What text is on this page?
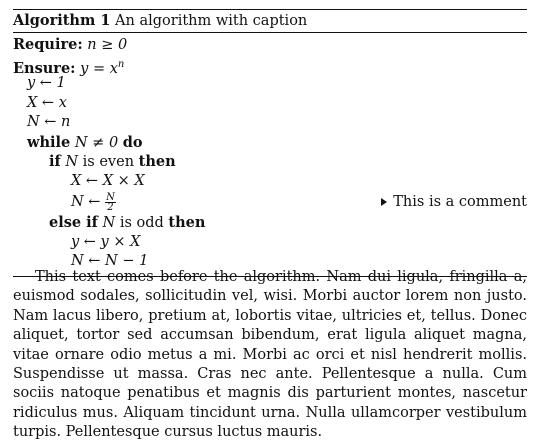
Algorithm 1 An algorithm with caption
Require: n ≥ 0
Ensure: $y = x^n$
y ← 1
X ← x
N ← n
while N ≠ 0 do
if N is even then
X ← X × X
N ← $\frac{N}{2}$	This is a comment
else if N is odd then
y ← y × X
N ← N − 1

This text comes before the algorithm. Nam dui ligula, fringilla a, euismod sodales, sollicitudin vel, wisi. Morbi auctor lorem non justo. Nam lacus libero, pretium at, lobortis vitae, ultricies et, tellus. Donec aliquet, tortor sed accumsan bibendum, erat ligula aliquet magna, vitae ornare odio metus a mi. Morbi ac orci et nisl hendrerit mollis. Suspendisse ut massa. Cras nec ante. Pellentesque a nulla. Cum sociis natoque penatibus et magnis dis parturient montes, nascetur ridiculus mus. Aliquam tincidunt urna. Nulla ullamcorper vestibulum turpis. Pellentesque cursus luctus mauris.
